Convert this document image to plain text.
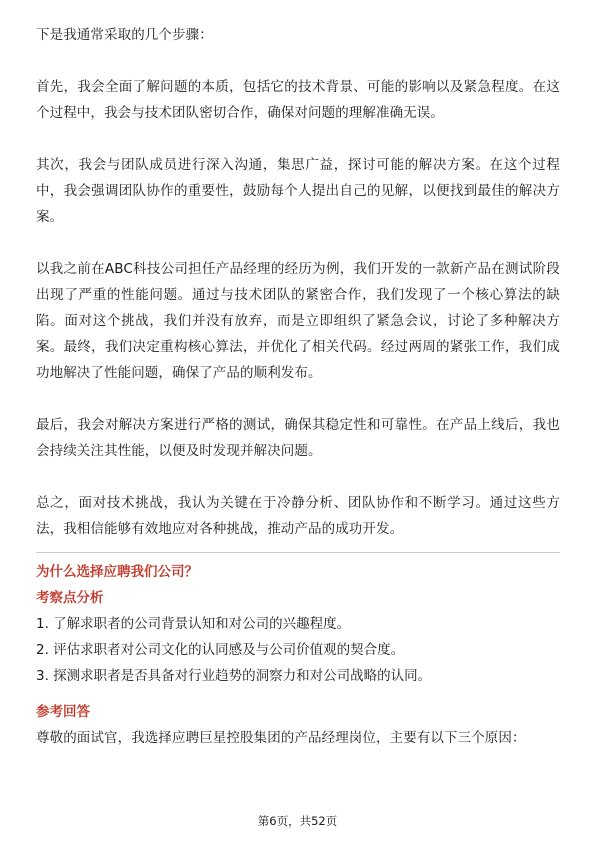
下是我通常采取的几个步骤：

首先，我会全面了解问题的本质，包括它的技术背景、可能的影响以及紧急程度。在这个过程中，我会与技术团队密切合作，确保对问题的理解准确无误。

其次，我会与团队成员进行深入沟通，集思广益，探讨可能的解决方案。在这个过程中，我会强调团队协作的重要性，鼓励每个人提出自己的见解，以便找到最佳的解决方案。

以我之前在ABC科技公司担任产品经理的经历为例，我们开发的一款新产品在测试阶段出现了严重的性能问题。通过与技术团队的紧密合作，我们发现了一个核心算法的缺陷。面对这个挑战，我们并没有放弃，而是立即组织了紧急会议，讨论了多种解决方案。最终，我们决定重构核心算法，并优化了相关代码。经过两周的紧张工作，我们成功地解决了性能问题，确保了产品的顺利发布。

最后，我会对解决方案进行严格的测试，确保其稳定性和可靠性。在产品上线后，我也会持续关注其性能，以便及时发现并解决问题。

总之，面对技术挑战，我认为关键在于冷静分析、团队协作和不断学习。通过这些方法，我相信能够有效地应对各种挑战，推动产品的成功开发。

为什么选择应聘我们公司？

考察点分析

1. 了解求职者的公司背景认知和对公司的兴趣程度。

2. 评估求职者对公司文化的认同感及与公司价值观的契合度。

3. 探测求职者是否具备对行业趋势的洞察力和对公司战略的认同。

参考回答

尊敬的面试官，我选择应聘巨星控股集团的产品经理岗位，主要有以下三个原因：

第6页，共52页
